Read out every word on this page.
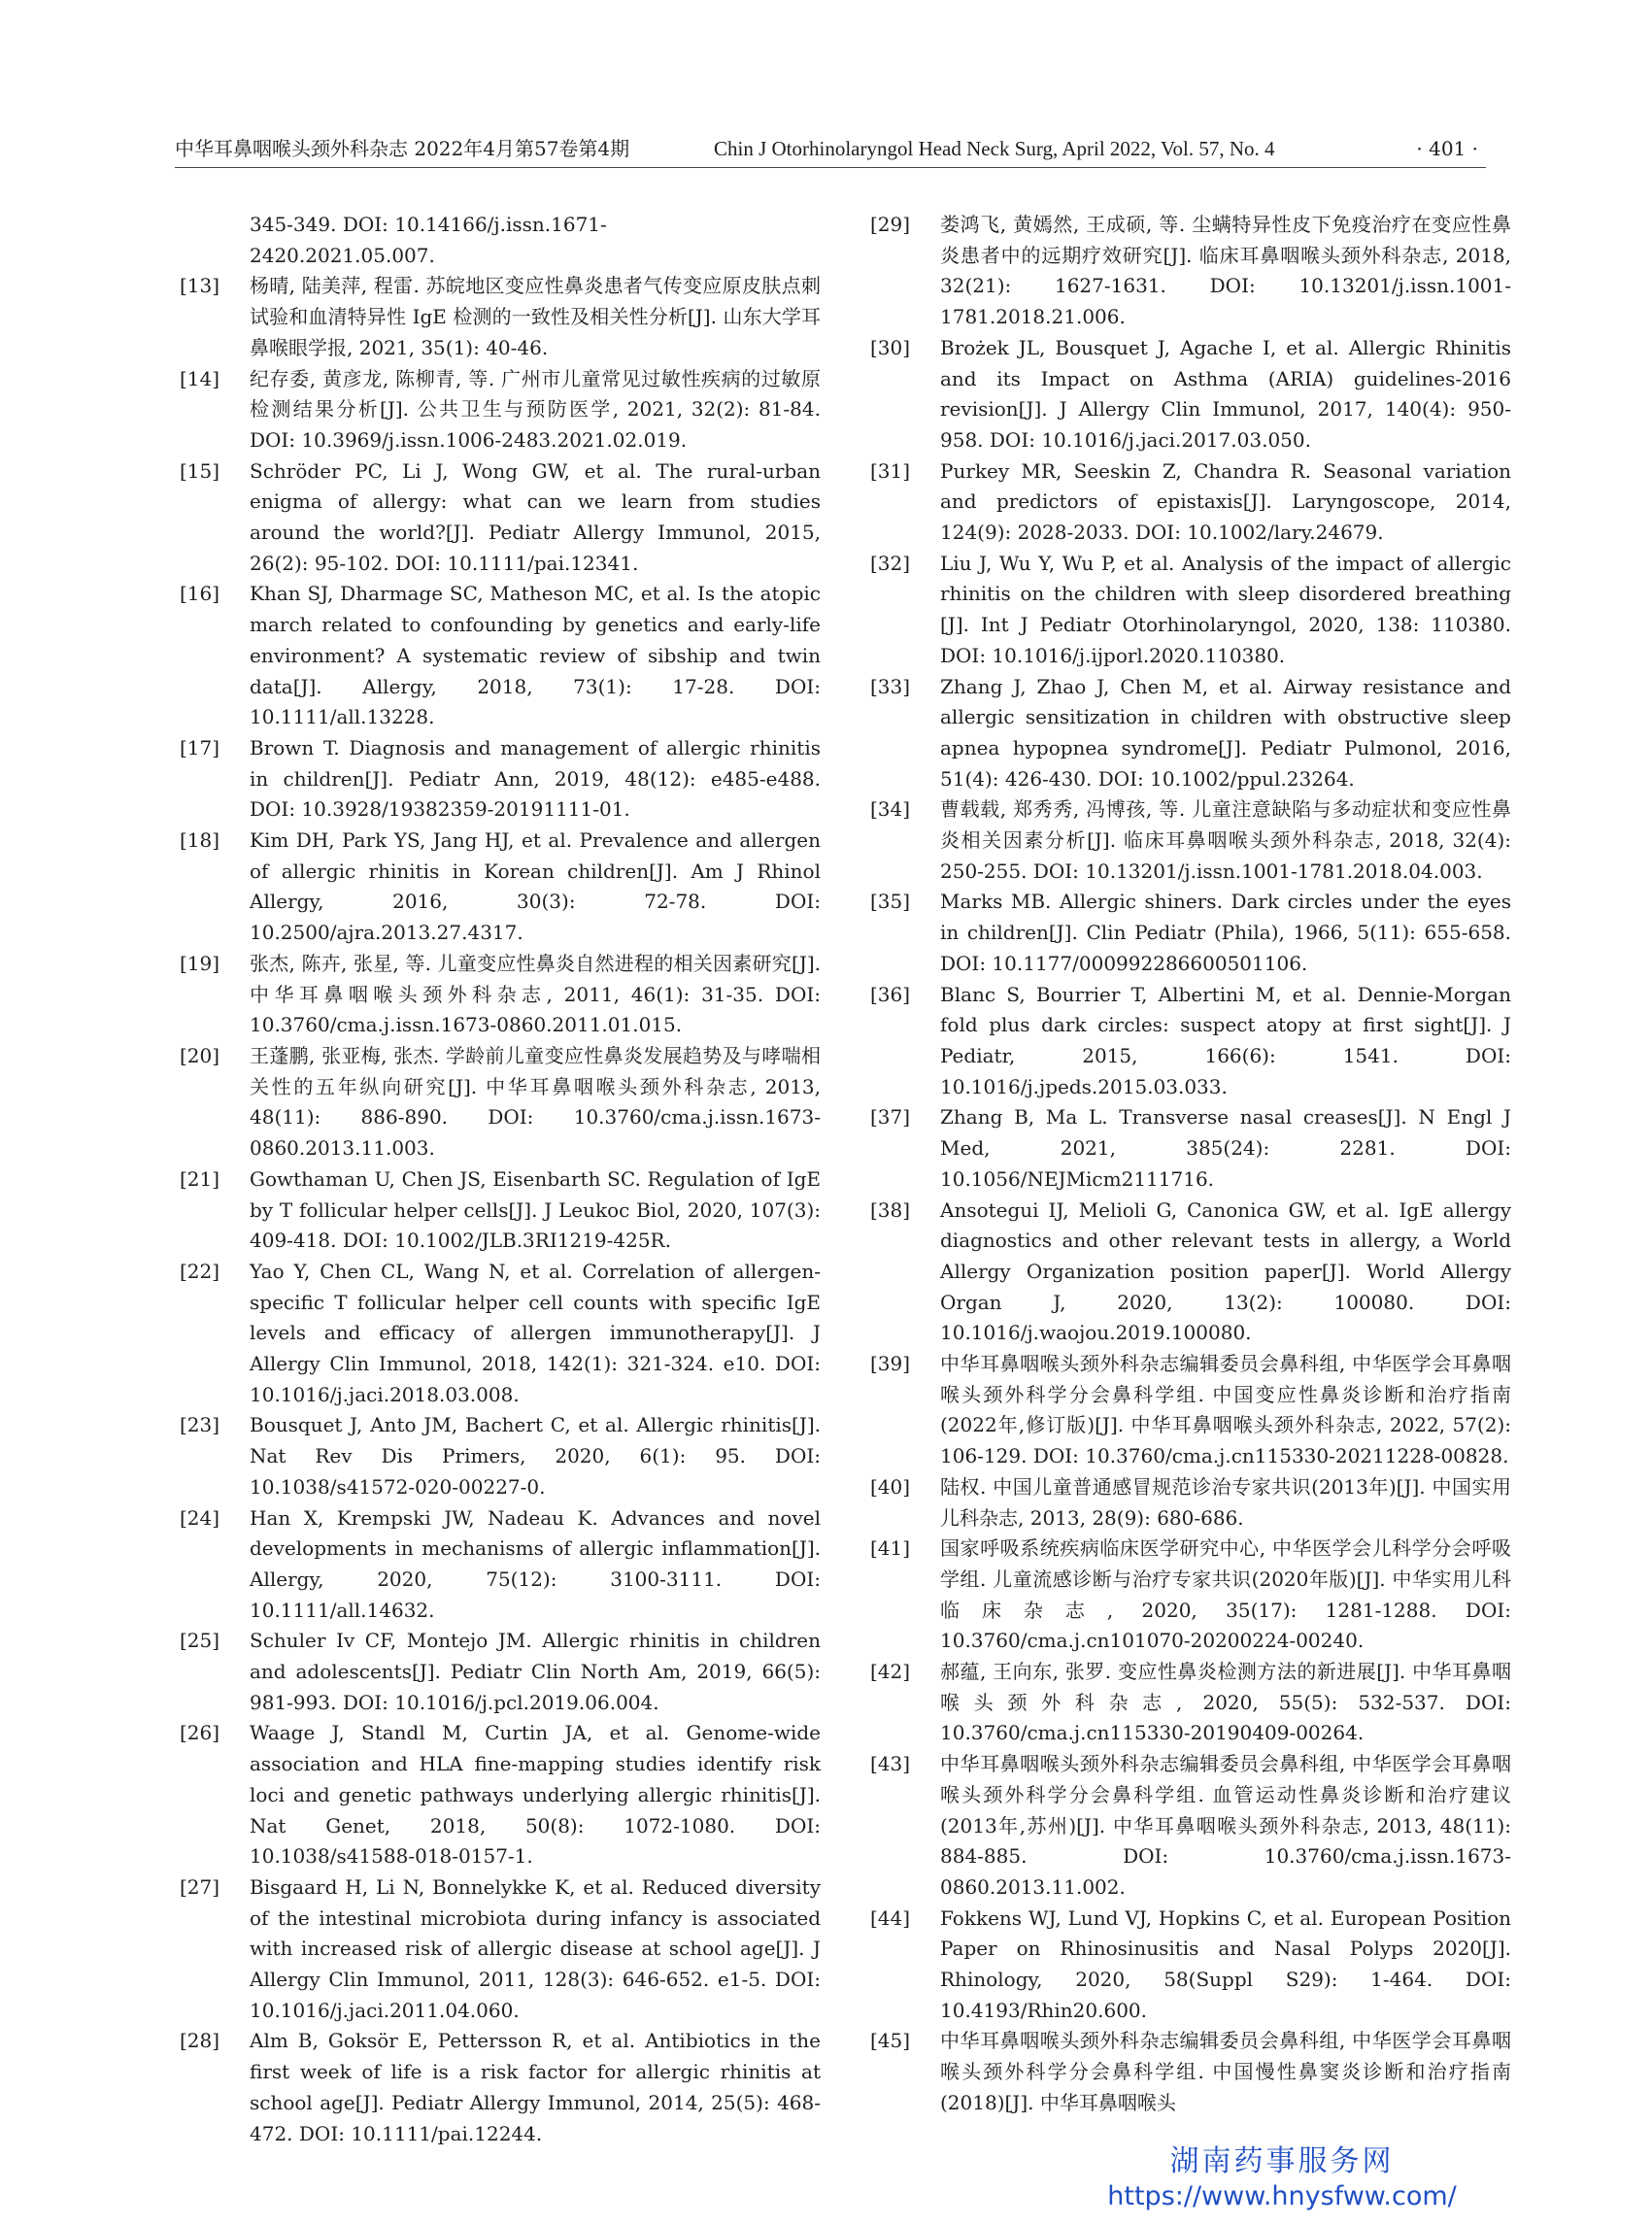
中华耳鼻咽喉头颈外科杂志 2022年4月第57卷第4期	Chin J Otorhinolaryngol Head Neck Surg, April 2022, Vol. 57, No. 4	· 401 ·
345-349. DOI: 10.14166/j.issn.1671-2420.2021.05.007.
[13]	杨晴, 陆美萍, 程雷. 苏皖地区变应性鼻炎患者气传变应原皮肤点刺试验和血清特异性 IgE 检测的一致性及相关性分析[J]. 山东大学耳鼻喉眼学报, 2021, 35(1): 40-46.
[14]	纪存委, 黄彦龙, 陈柳青, 等. 广州市儿童常见过敏性疾病的过敏原检测结果分析[J]. 公共卫生与预防医学, 2021, 32(2): 81-84. DOI: 10.3969/j.issn.1006-2483.2021.02.019.
[15]	Schröder PC, Li J, Wong GW, et al. The rural-urban enigma of allergy: what can we learn from studies around the world?[J]. Pediatr Allergy Immunol, 2015, 26(2): 95-102. DOI: 10.1111/pai.12341.
[16]	Khan SJ, Dharmage SC, Matheson MC, et al. Is the atopic march related to confounding by genetics and early-life environment? A systematic review of sibship and twin data[J]. Allergy, 2018, 73(1): 17-28. DOI: 10.1111/all.13228.
[17]	Brown T. Diagnosis and management of allergic rhinitis in children[J]. Pediatr Ann, 2019, 48(12): e485-e488. DOI: 10.3928/19382359-20191111-01.
[18]	Kim DH, Park YS, Jang HJ, et al. Prevalence and allergen of allergic rhinitis in Korean children[J]. Am J Rhinol Allergy, 2016, 30(3): 72-78. DOI: 10.2500/ajra.2013.27.4317.
[19]	张杰, 陈卉, 张星, 等. 儿童变应性鼻炎自然进程的相关因素研究[J]. 中华耳鼻咽喉头颈外科杂志, 2011, 46(1): 31-35. DOI: 10.3760/cma.j.issn.1673-0860.2011.01.015.
[20]	王蓬鹏, 张亚梅, 张杰. 学龄前儿童变应性鼻炎发展趋势及与哮喘相关性的五年纵向研究[J]. 中华耳鼻咽喉头颈外科杂志, 2013, 48(11): 886-890. DOI: 10.3760/cma.j.issn.1673-0860.2013.11.003.
[21]	Gowthaman U, Chen JS, Eisenbarth SC. Regulation of IgE by T follicular helper cells[J]. J Leukoc Biol, 2020, 107(3): 409-418. DOI: 10.1002/JLB.3RI1219-425R.
[22]	Yao Y, Chen CL, Wang N, et al. Correlation of allergen-specific T follicular helper cell counts with specific IgE levels and efficacy of allergen immunotherapy[J]. J Allergy Clin Immunol, 2018, 142(1): 321-324. e10. DOI: 10.1016/j.jaci.2018.03.008.
[23]	Bousquet J, Anto JM, Bachert C, et al. Allergic rhinitis[J]. Nat Rev Dis Primers, 2020, 6(1): 95. DOI: 10.1038/s41572-020-00227-0.
[24]	Han X, Krempski JW, Nadeau K. Advances and novel developments in mechanisms of allergic inflammation[J]. Allergy, 2020, 75(12): 3100-3111. DOI: 10.1111/all.14632.
[25]	Schuler Iv CF, Montejo JM. Allergic rhinitis in children and adolescents[J]. Pediatr Clin North Am, 2019, 66(5): 981-993. DOI: 10.1016/j.pcl.2019.06.004.
[26]	Waage J, Standl M, Curtin JA, et al. Genome-wide association and HLA fine-mapping studies identify risk loci and genetic pathways underlying allergic rhinitis[J]. Nat Genet, 2018, 50(8): 1072-1080. DOI: 10.1038/s41588-018-0157-1.
[27]	Bisgaard H, Li N, Bonnelykke K, et al. Reduced diversity of the intestinal microbiota during infancy is associated with increased risk of allergic disease at school age[J]. J Allergy Clin Immunol, 2011, 128(3): 646-652. e1-5. DOI: 10.1016/j.jaci.2011.04.060.
[28]	Alm B, Goksör E, Pettersson R, et al. Antibiotics in the first week of life is a risk factor for allergic rhinitis at school age[J]. Pediatr Allergy Immunol, 2014, 25(5): 468-472. DOI: 10.1111/pai.12244.
[29]	娄鸿飞, 黄嫣然, 王成硕, 等. 尘螨特异性皮下免疫治疗在变应性鼻炎患者中的远期疗效研究[J]. 临床耳鼻咽喉头颈外科杂志, 2018, 32(21): 1627-1631. DOI: 10.13201/j.issn.1001-1781.2018.21.006.
[30]	Brożek JL, Bousquet J, Agache I, et al. Allergic Rhinitis and its Impact on Asthma (ARIA) guidelines-2016 revision[J]. J Allergy Clin Immunol, 2017, 140(4): 950-958. DOI: 10.1016/j.jaci.2017.03.050.
[31]	Purkey MR, Seeskin Z, Chandra R. Seasonal variation and predictors of epistaxis[J]. Laryngoscope, 2014, 124(9): 2028-2033. DOI: 10.1002/lary.24679.
[32]	Liu J, Wu Y, Wu P, et al. Analysis of the impact of allergic rhinitis on the children with sleep disordered breathing [J]. Int J Pediatr Otorhinolaryngol, 2020, 138: 110380. DOI: 10.1016/j.ijporl.2020.110380.
[33]	Zhang J, Zhao J, Chen M, et al. Airway resistance and allergic sensitization in children with obstructive sleep apnea hypopnea syndrome[J]. Pediatr Pulmonol, 2016, 51(4): 426-430. DOI: 10.1002/ppul.23264.
[34]	曹载载, 郑秀秀, 冯博孩, 等. 儿童注意缺陷与多动症状和变应性鼻炎相关因素分析[J]. 临床耳鼻咽喉头颈外科杂志, 2018, 32(4): 250-255. DOI: 10.13201/j.issn.1001-1781.2018.04.003.
[35]	Marks MB. Allergic shiners. Dark circles under the eyes in children[J]. Clin Pediatr (Phila), 1966, 5(11): 655-658. DOI: 10.1177/000992286600501106.
[36]	Blanc S, Bourrier T, Albertini M, et al. Dennie-Morgan fold plus dark circles: suspect atopy at first sight[J]. J Pediatr, 2015, 166(6): 1541. DOI: 10.1016/j.jpeds.2015.03.033.
[37]	Zhang B, Ma L. Transverse nasal creases[J]. N Engl J Med, 2021, 385(24): 2281. DOI: 10.1056/NEJMicm2111716.
[38]	Ansotegui IJ, Melioli G, Canonica GW, et al. IgE allergy diagnostics and other relevant tests in allergy, a World Allergy Organization position paper[J]. World Allergy Organ J, 2020, 13(2): 100080. DOI: 10.1016/j.waojou.2019.100080.
[39]	中华耳鼻咽喉头颈外科杂志编辑委员会鼻科组, 中华医学会耳鼻咽喉头颈外科学分会鼻科学组. 中国变应性鼻炎诊断和治疗指南(2022年,修订版)[J]. 中华耳鼻咽喉头颈外科杂志, 2022, 57(2): 106-129. DOI: 10.3760/cma.j.cn115330-20211228-00828.
[40]	陆权. 中国儿童普通感冒规范诊治专家共识(2013年)[J]. 中国实用儿科杂志, 2013, 28(9): 680-686.
[41]	国家呼吸系统疾病临床医学研究中心, 中华医学会儿科学分会呼吸学组. 儿童流感诊断与治疗专家共识(2020年版)[J]. 中华实用儿科临床杂志, 2020, 35(17): 1281-1288. DOI: 10.3760/cma.j.cn101070-20200224-00240.
[42]	郝蕴, 王向东, 张罗. 变应性鼻炎检测方法的新进展[J]. 中华耳鼻咽喉头颈外科杂志, 2020, 55(5): 532-537. DOI: 10.3760/cma.j.cn115330-20190409-00264.
[43]	中华耳鼻咽喉头颈外科杂志编辑委员会鼻科组, 中华医学会耳鼻咽喉头颈外科学分会鼻科学组. 血管运动性鼻炎诊断和治疗建议(2013年,苏州)[J]. 中华耳鼻咽喉头颈外科杂志, 2013, 48(11): 884-885. DOI: 10.3760/cma.j.issn.1673-0860.2013.11.002.
[44]	Fokkens WJ, Lund VJ, Hopkins C, et al. European Position Paper on Rhinosinusitis and Nasal Polyps 2020[J]. Rhinology, 2020, 58(Suppl S29): 1-464. DOI: 10.4193/Rhin20.600.
[45]	中华耳鼻咽喉头颈外科杂志编辑委员会鼻科组, 中华医学会耳鼻咽喉头颈外科学分会鼻科学组. 中国慢性鼻窦炎诊断和治疗指南(2018)[J]. 中华耳鼻咽喉头
湖南药事服务网
https://www.hnysfww.com/
